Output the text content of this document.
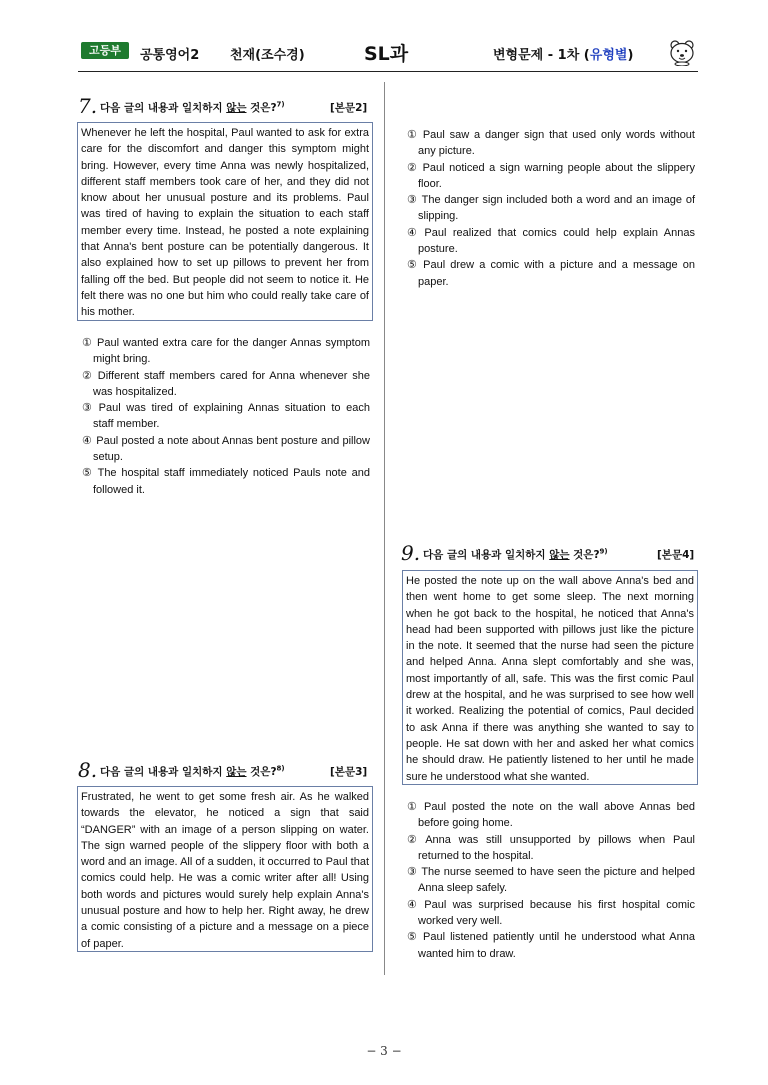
고등부	공통영어2 천재(조수경)	SL과	변형문제 - 1차 (유형별)
7. 다음 글의 내용과 일치하지 않는 것은?$^{7)}$	[본문2]
Whenever he left the hospital, Paul wanted to ask for extra care for the discomfort and danger this symptom might bring. However, every time Anna was newly hospitalized, different staff members took care of her, and they did not know about her unusual posture and its problems. Paul was tired of having to explain the situation to each staff member every time. Instead, he posted a note explaining that Anna's bent posture can be potentially dangerous. It also explained how to set up pillows to prevent her from falling off the bed. But people did not seem to notice it. He felt there was no one but him who could really take care of his mother.
① Paul wanted extra care for the danger Annas symptom might bring.
② Different staff members cared for Anna whenever she was hospitalized.
③ Paul was tired of explaining Annas situation to each staff member.
④ Paul posted a note about Annas bent posture and pillow setup.
⑤ The hospital staff immediately noticed Pauls note and followed it.
8. 다음 글의 내용과 일치하지 않는 것은?$^{8)}$	[본문3]
Frustrated, he went to get some fresh air. As he walked towards the elevator, he noticed a sign that said “DANGER” with an image of a person slipping on water. The sign warned people of the slippery floor with both a word and an image. All of a sudden, it occurred to Paul that comics could help. He was a comic writer after all! Using both words and pictures would surely help explain Anna's unusual posture and how to help her. Right away, he drew a comic consisting of a picture and a message on a piece of paper.
① Paul saw a danger sign that used only words without any picture.
② Paul noticed a sign warning people about the slippery floor.
③ The danger sign included both a word and an image of slipping.
④ Paul realized that comics could help explain Annas posture.
⑤ Paul drew a comic with a picture and a message on paper.
9. 다음 글의 내용과 일치하지 않는 것은?$^{9)}$	[본문4]
He posted the note up on the wall above Anna's bed and then went home to get some sleep. The next morning when he got back to the hospital, he noticed that Anna's head had been supported with pillows just like the picture in the note. It seemed that the nurse had seen the picture and helped Anna. Anna slept comfortably and she was, most importantly of all, safe. This was the first comic Paul drew at the hospital, and he was surprised to see how well it worked. Realizing the potential of comics, Paul decided to ask Anna if there was anything she wanted to say to people. He sat down with her and asked her what comics he should draw. He patiently listened to her until he made sure he understood what she wanted.
① Paul posted the note on the wall above Annas bed before going home.
② Anna was still unsupported by pillows when Paul returned to the hospital.
③ The nurse seemed to have seen the picture and helped Anna sleep safely.
④ Paul was surprised because his first hospital comic worked very well.
⑤ Paul listened patiently until he understood what Anna wanted him to draw.
− 3 −
